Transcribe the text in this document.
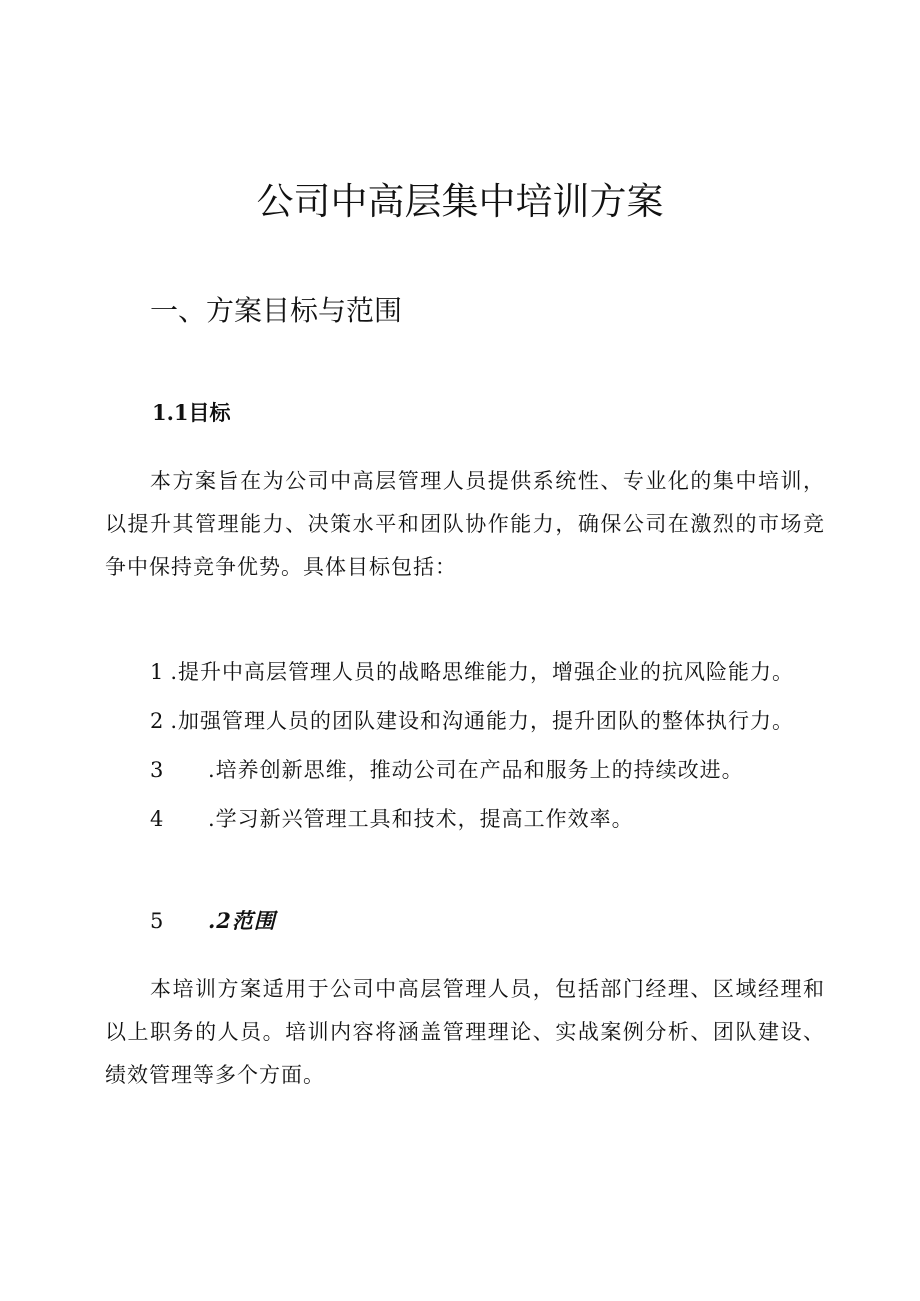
公司中高层集中培训方案
一、方案目标与范围
1.1目标
本方案旨在为公司中高层管理人员提供系统性、专业化的集中培训，以提升其管理能力、决策水平和团队协作能力，确保公司在激烈的市场竞争中保持竞争优势。具体目标包括：
1 .提升中高层管理人员的战略思维能力，增强企业的抗风险能力。
2 .加强管理人员的团队建设和沟通能力，提升团队的整体执行力。
3 .培养创新思维，推动公司在产品和服务上的持续改进。
4 .学习新兴管理工具和技术，提高工作效率。
5 .2范围
本培训方案适用于公司中高层管理人员，包括部门经理、区域经理和以上职务的人员。培训内容将涵盖管理理论、实战案例分析、团队建设、绩效管理等多个方面。
